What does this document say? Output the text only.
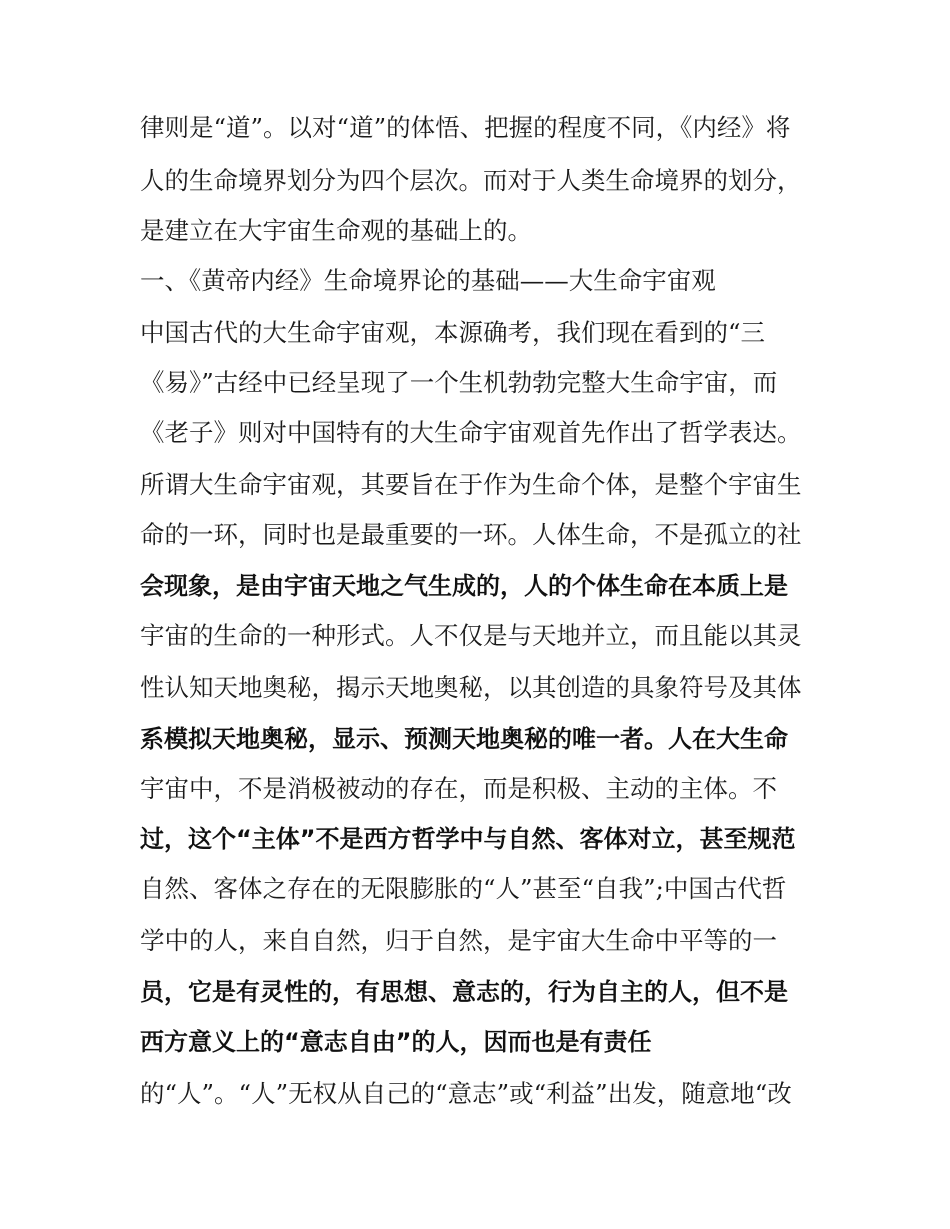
律则是“道”。以对“道”的体悟、把握的程度不同，《内经》将
人的生命境界划分为四个层次。而对于人类生命境界的划分，
是建立在大宇宙生命观的基础上的。
一、《黄帝内经》生命境界论的基础——大生命宇宙观
中国古代的大生命宇宙观，本源确考，我们现在看到的“三
《易》”古经中已经呈现了一个生机勃勃完整大生命宇宙，而
《老子》则对中国特有的大生命宇宙观首先作出了哲学表达。
所谓大生命宇宙观，其要旨在于作为生命个体，是整个宇宙生
命的一环，同时也是最重要的一环。人体生命，不是孤立的社
会现象，是由宇宙天地之气生成的，人的个体生命在本质上是
宇宙的生命的一种形式。人不仅是与天地并立，而且能以其灵
性认知天地奥秘，揭示天地奥秘，以其创造的具象符号及其体
系模拟天地奥秘，显示、预测天地奥秘的唯一者。人在大生命
宇宙中，不是消极被动的存在，而是积极、主动的主体。不
过，这个“主体”不是西方哲学中与自然、客体对立，甚至规范
自然、客体之存在的无限膨胀的“人”甚至“自我”;中国古代哲
学中的人，来自自然，归于自然，是宇宙大生命中平等的一
员，它是有灵性的，有思想、意志的，行为自主的人，但不是
西方意义上的“意志自由”的人，因而也是有责任
的“人”。“人”无权从自己的“意志”或“利益”出发，随意地“改
